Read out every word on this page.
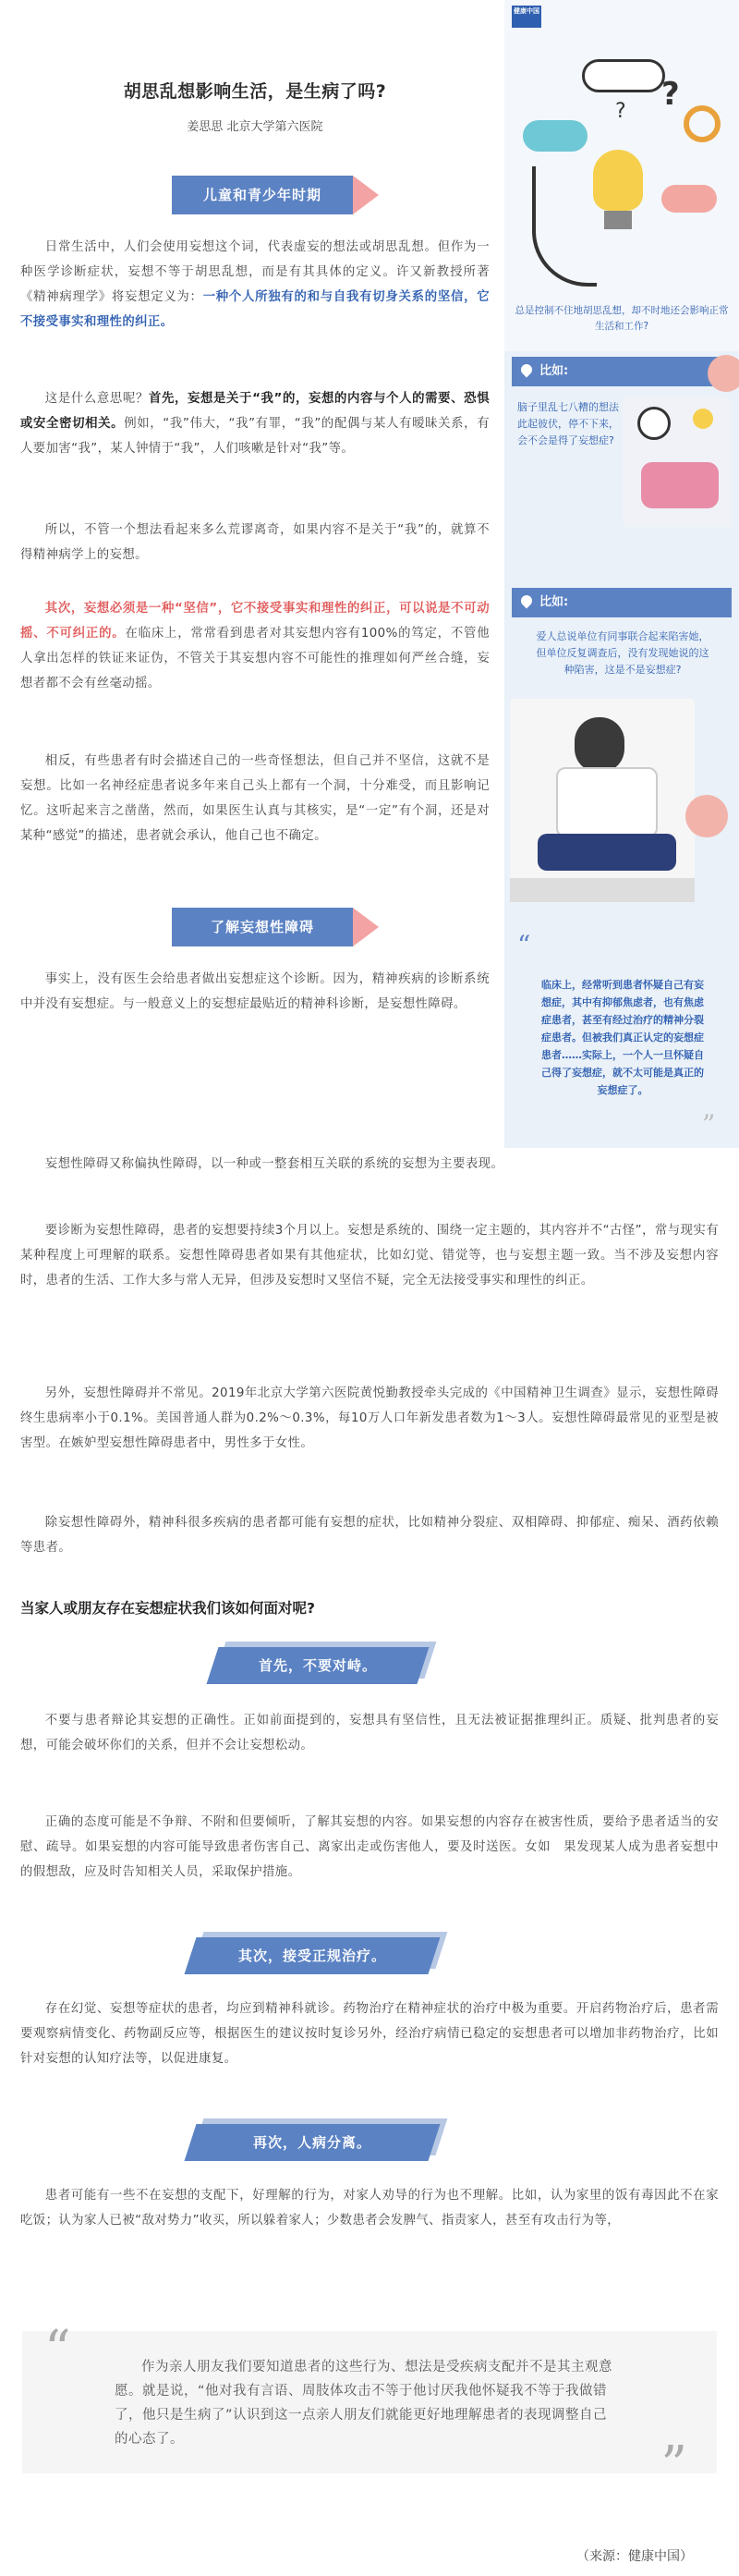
胡思乱想影响生活，是生病了吗?
姜思思 北京大学第六医院
儿童和青少年时期

日常生活中，人们会使用妄想这个词，代表虚妄的想法或胡思乱想。但作为一种医学诊断症状，妄想不等于胡思乱想，而是有其具体的定义。许又新教授所著《精神病理学》将妄想定义为：一种个人所独有的和与自我有切身关系的坚信，它不接受事实和理性的纠正。

这是什么意思呢？首先，妄想是关于“我”的，妄想的内容与个人的需要、恐惧或安全密切相关。例如，“我”伟大，“我”有罪，“我”的配偶与某人有暧昧关系，有人要加害“我”，某人钟情于“我”，人们咳嗽是针对“我”等。

所以，不管一个想法看起来多么荒谬离奇，如果内容不是关于“我”的，就算不得精神病学上的妄想。

其次，妄想必须是一种“坚信”，它不接受事实和理性的纠正，可以说是不可动摇、不可纠正的。在临床上，常常看到患者对其妄想内容有100%的笃定，不管他人拿出怎样的铁证来证伪，不管关于其妄想内容不可能性的推理如何严丝合缝，妄想者都不会有丝毫动摇。

相反，有些患者有时会描述自己的一些奇怪想法，但自己并不坚信，这就不是妄想。比如一名神经症患者说多年来自己头上都有一个洞，十分难受，而且影响记忆。这听起来言之凿凿，然而，如果医生认真与其核实，是“一定”有个洞，还是对某种“感觉”的描述，患者就会承认，他自己也不确定。

了解妄想性障碍

事实上，没有医生会给患者做出妄想症这个诊断。因为，精神疾病的诊断系统中并没有妄想症。与一般意义上的妄想症最贴近的精神科诊断，是妄想性障碍。

健康中国
?
?
总是控制不住地胡思乱想，却不时地还会影响正常生活和工作?
比如:
脑子里乱七八糟的想法此起彼伏，停不下来，会不会是得了妄想症?
比如:
爱人总说单位有同事联合起来陷害她，但单位反复调查后，没有发现她说的这种陷害，这是不是妄想症?
“
临床上，经常听到患者怀疑自己有妄想症，其中有抑郁焦虑者，也有焦虑症患者，甚至有经过治疗的精神分裂症患者。但被我们真正认定的妄想症患者……实际上，一个人一旦怀疑自己得了妄想症，就不太可能是真正的妄想症了。
”

妄想性障碍又称偏执性障碍，以一种或一整套相互关联的系统的妄想为主要表现。

要诊断为妄想性障碍，患者的妄想要持续3个月以上。妄想是系统的、围绕一定主题的，其内容并不“古怪”，常与现实有某种程度上可理解的联系。妄想性障碍患者如果有其他症状，比如幻觉、错觉等，也与妄想主题一致。当不涉及妄想内容时，患者的生活、工作大多与常人无异，但涉及妄想时又坚信不疑，完全无法接受事实和理性的纠正。

另外，妄想性障碍并不常见。2019年北京大学第六医院黄悦勤教授牵头完成的《中国精神卫生调查》显示，妄想性障碍终生患病率小于0.1%。美国普通人群为0.2%～0.3%，每10万人口年新发患者数为1～3人。妄想性障碍最常见的亚型是被害型。在嫉妒型妄想性障碍患者中，男性多于女性。

除妄想性障碍外，精神科很多疾病的患者都可能有妄想的症状，比如精神分裂症、双相障碍、抑郁症、痴呆、酒药依赖等患者。

当家人或朋友存在妄想症状我们该如何面对呢?
首先，不要对峙。

不要与患者辩论其妄想的正确性。正如前面提到的，妄想具有坚信性，且无法被证据推理纠正。质疑、批判患者的妄想，可能会破坏你们的关系，但并不会让妄想松动。

正确的态度可能是不争辩、不附和但要倾听，了解其妄想的内容。如果妄想的内容存在被害性质，要给予患者适当的安慰、疏导。如果妄想的内容可能导致患者伤害自己、离家出走或伤害他人，要及时送医。女如　果发现某人成为患者妄想中的假想敌，应及时告知相关人员，采取保护措施。

其次，接受正规治疗。

存在幻觉、妄想等症状的患者，均应到精神科就诊。药物治疗在精神症状的治疗中极为重要。开启药物治疗后，患者需要观察病情变化、药物副反应等，根据医生的建议按时复诊另外，经治疗病情已稳定的妄想患者可以增加非药物治疗，比如针对妄想的认知疗法等，以促进康复。

再次，人病分离。

患者可能有一些不在妄想的支配下，好理解的行为，对家人劝导的行为也不理解。比如，认为家里的饭有毒因此不在家吃饭；认为家人已被“敌对势力”收买，所以躲着家人；少数患者会发脾气、指责家人，甚至有攻击行为等，

“	作为亲人朋友我们要知道患者的这些行为、想法是受疾病支配并不是其主观意愿。就是说，“他对我有言语、周肢体攻击不等于他讨厌我他怀疑我不等于我做错了，他只是生病了”认识到这一点亲人朋友们就能更好地理解患者的表现调整自己的心态了。	”
（来源：健康中国）
